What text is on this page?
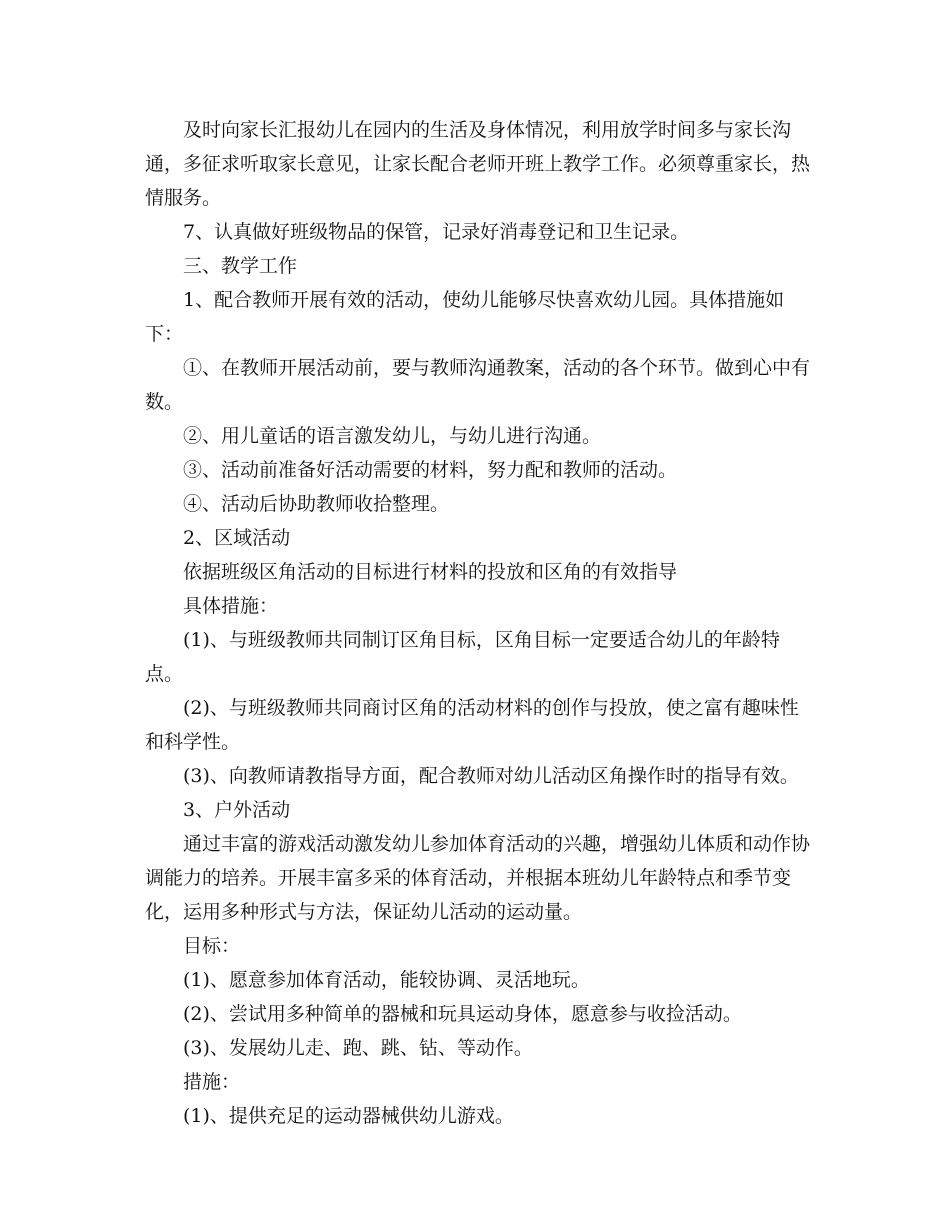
及时向家长汇报幼儿在园内的生活及身体情况，利用放学时间多与家长沟通，多征求听取家长意见，让家长配合老师开班上教学工作。必须尊重家长，热情服务。

7、认真做好班级物品的保管，记录好消毒登记和卫生记录。

三、教学工作

1、配合教师开展有效的活动，使幼儿能够尽快喜欢幼儿园。具体措施如下：

①、在教师开展活动前，要与教师沟通教案，活动的各个环节。做到心中有数。

②、用儿童话的语言激发幼儿，与幼儿进行沟通。

③、活动前准备好活动需要的材料，努力配和教师的活动。

④、活动后协助教师收拾整理。

2、区域活动

依据班级区角活动的目标进行材料的投放和区角的有效指导

具体措施：

(1)、与班级教师共同制订区角目标，区角目标一定要适合幼儿的年龄特点。

(2)、与班级教师共同商讨区角的活动材料的创作与投放，使之富有趣味性和科学性。

(3)、向教师请教指导方面，配合教师对幼儿活动区角操作时的指导有效。

3、户外活动

通过丰富的游戏活动激发幼儿参加体育活动的兴趣，增强幼儿体质和动作协调能力的培养。开展丰富多采的体育活动，并根据本班幼儿年龄特点和季节变化，运用多种形式与方法，保证幼儿活动的运动量。

目标：

(1)、愿意参加体育活动，能较协调、灵活地玩。

(2)、尝试用多种简单的器械和玩具运动身体，愿意参与收捡活动。

(3)、发展幼儿走、跑、跳、钻、等动作。

措施：

(1)、提供充足的运动器械供幼儿游戏。
